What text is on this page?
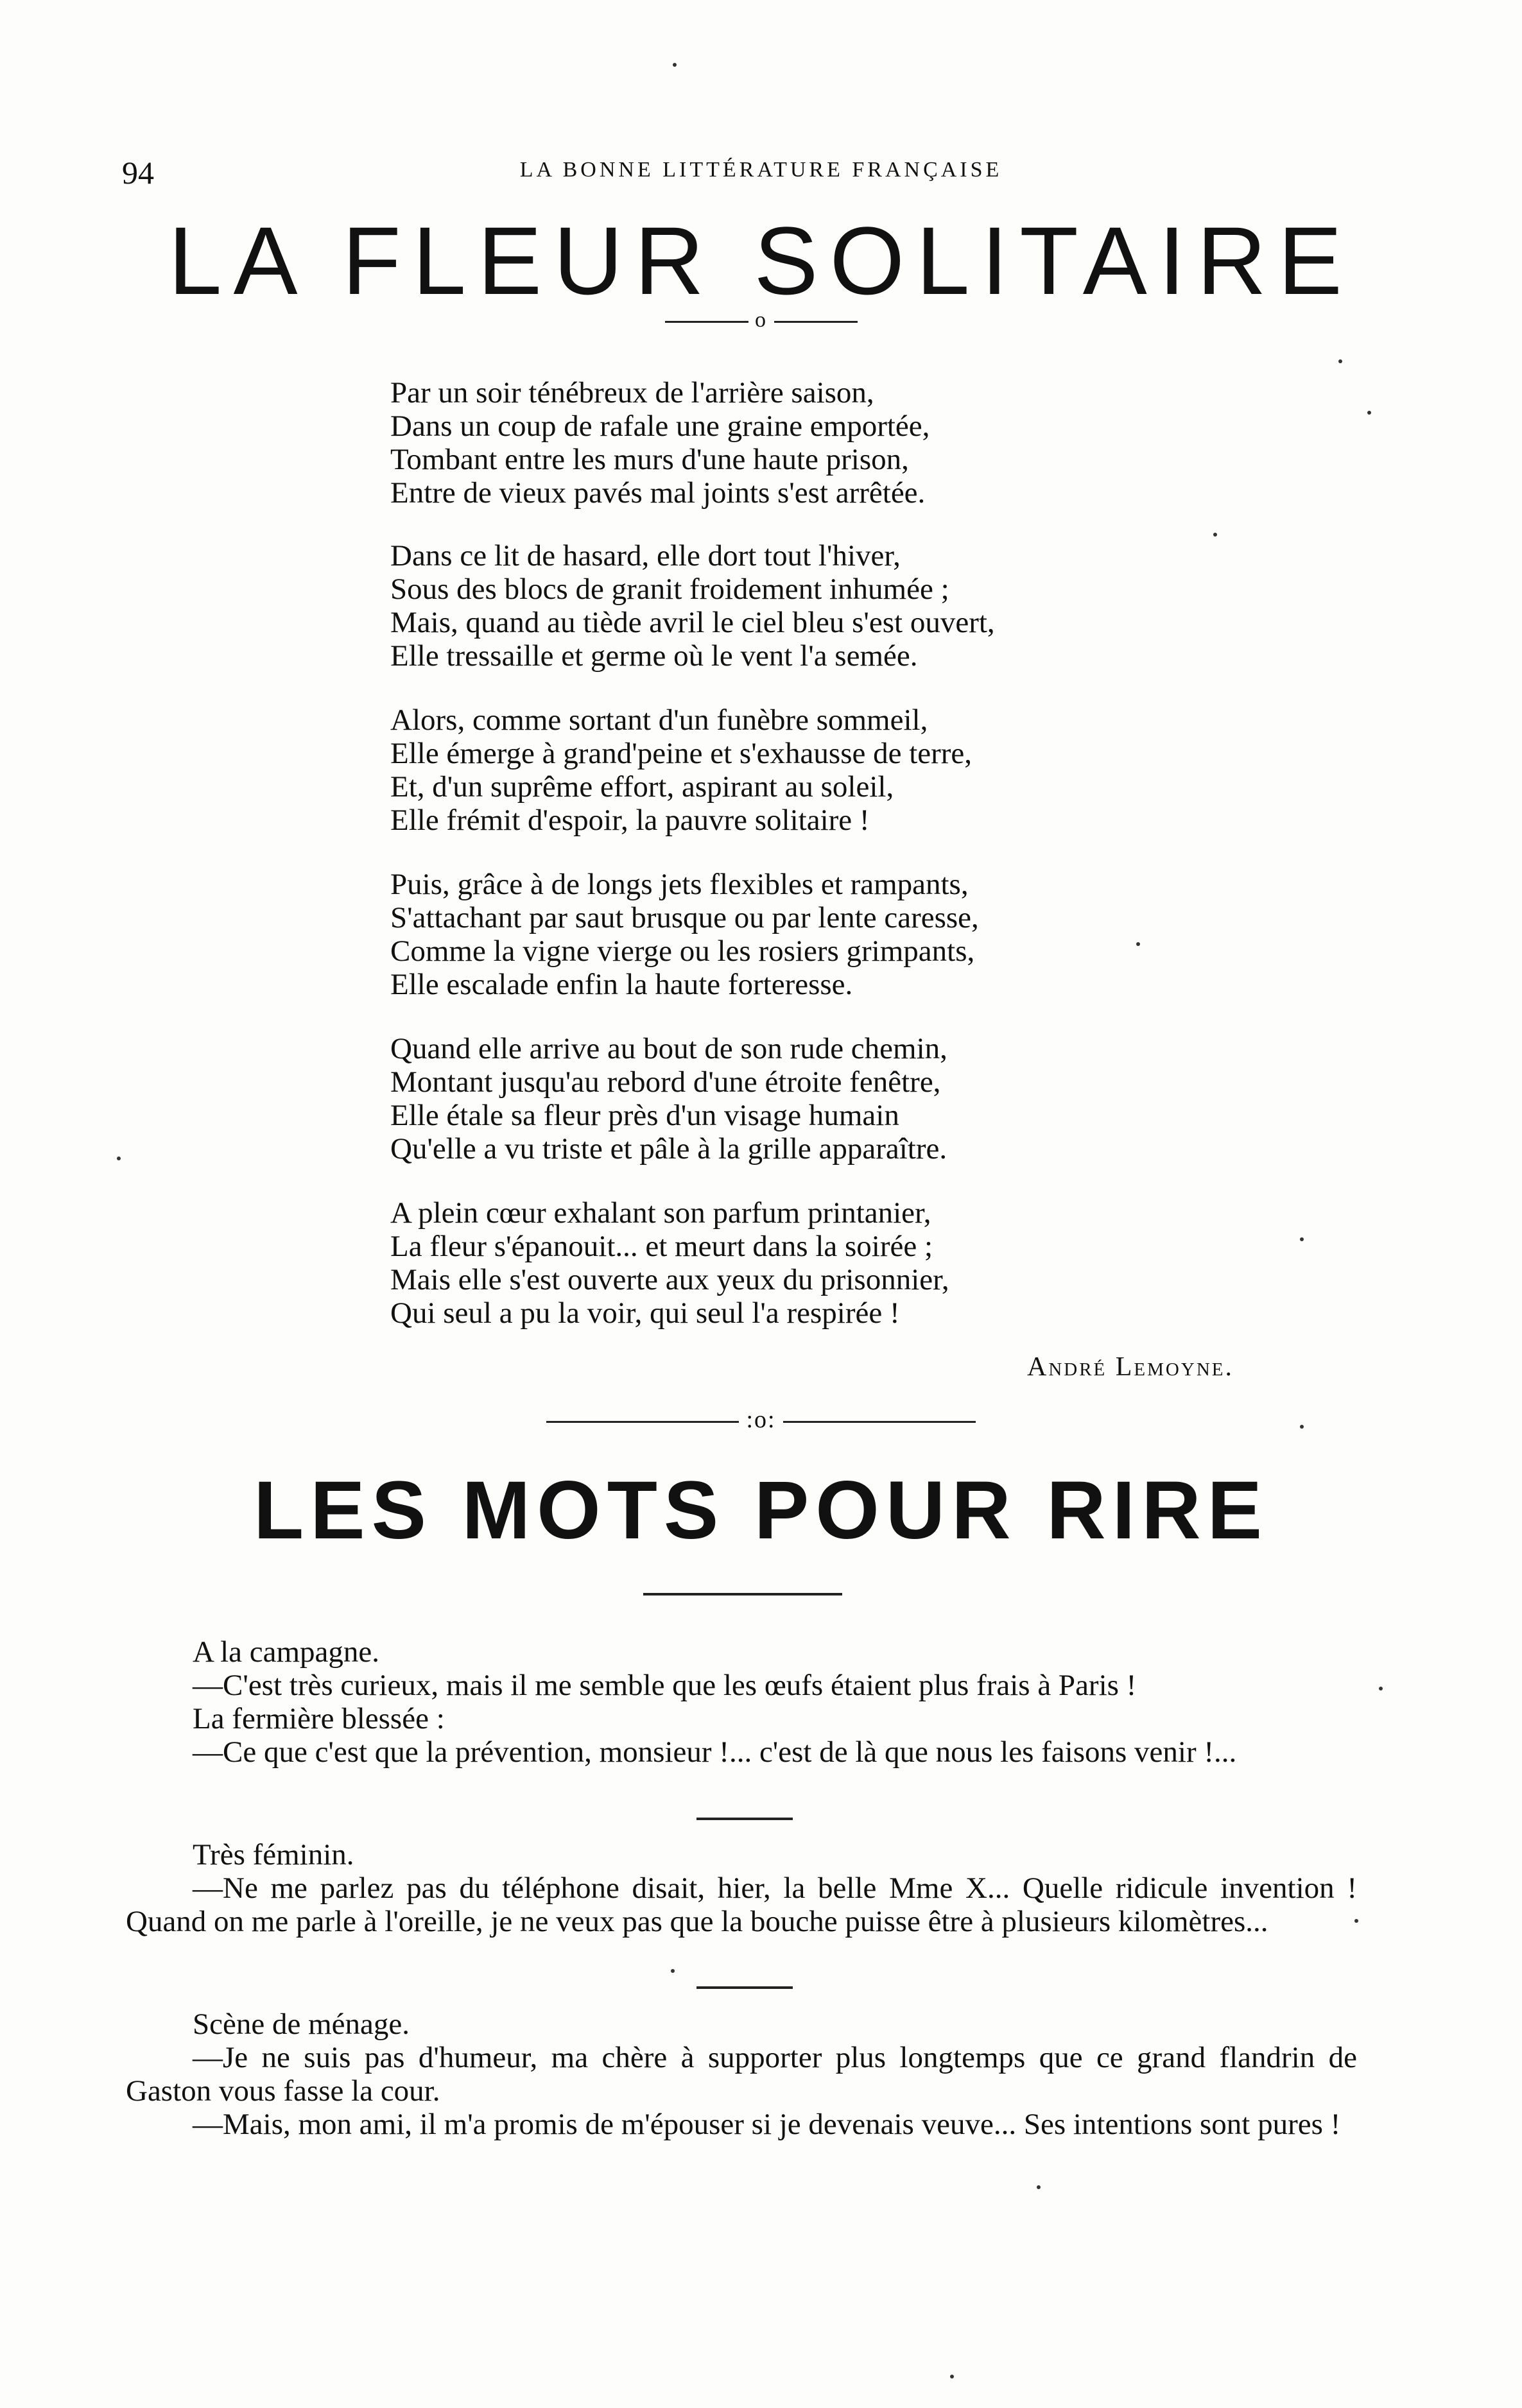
94	LA BONNE LITTÉRATURE FRANÇAISE
LA FLEUR SOLITAIRE
o
Par un soir ténébreux de l'arrière saison,
Dans un coup de rafale une graine emportée,
Tombant entre les murs d'une haute prison,
Entre de vieux pavés mal joints s'est arrêtée.
Dans ce lit de hasard, elle dort tout l'hiver,
Sous des blocs de granit froidement inhumée ;
Mais, quand au tiède avril le ciel bleu s'est ouvert,
Elle tressaille et germe où le vent l'a semée.
Alors, comme sortant d'un funèbre sommeil,
Elle émerge à grand'peine et s'exhausse de terre,
Et, d'un suprême effort, aspirant au soleil,
Elle frémit d'espoir, la pauvre solitaire !
Puis, grâce à de longs jets flexibles et rampants,
S'attachant par saut brusque ou par lente caresse,
Comme la vigne vierge ou les rosiers grimpants,
Elle escalade enfin la haute forteresse.
Quand elle arrive au bout de son rude chemin,
Montant jusqu'au rebord d'une étroite fenêtre,
Elle étale sa fleur près d'un visage humain
Qu'elle a vu triste et pâle à la grille apparaître.
A plein cœur exhalant son parfum printanier,
La fleur s'épanouit... et meurt dans la soirée ;
Mais elle s'est ouverte aux yeux du prisonnier,
Qui seul a pu la voir, qui seul l'a respirée !
André Lemoyne.
:o:
LES MOTS POUR RIRE

A la campagne.

—C'est très curieux, mais il me semble que les œufs étaient plus frais à Paris !

La fermière blessée :

—Ce que c'est que la prévention, monsieur !... c'est de là que nous les faisons venir !...

Très féminin.

—Ne me parlez pas du téléphone disait, hier, la belle Mme X... Quelle ridicule invention ! Quand on me parle à l'oreille, je ne veux pas que la bouche puisse être à plusieurs kilomètres...

Scène de ménage.

—Je ne suis pas d'humeur, ma chère à supporter plus longtemps que ce grand flandrin de Gaston vous fasse la cour.

—Mais, mon ami, il m'a promis de m'épouser si je devenais veuve... Ses intentions sont pures !
